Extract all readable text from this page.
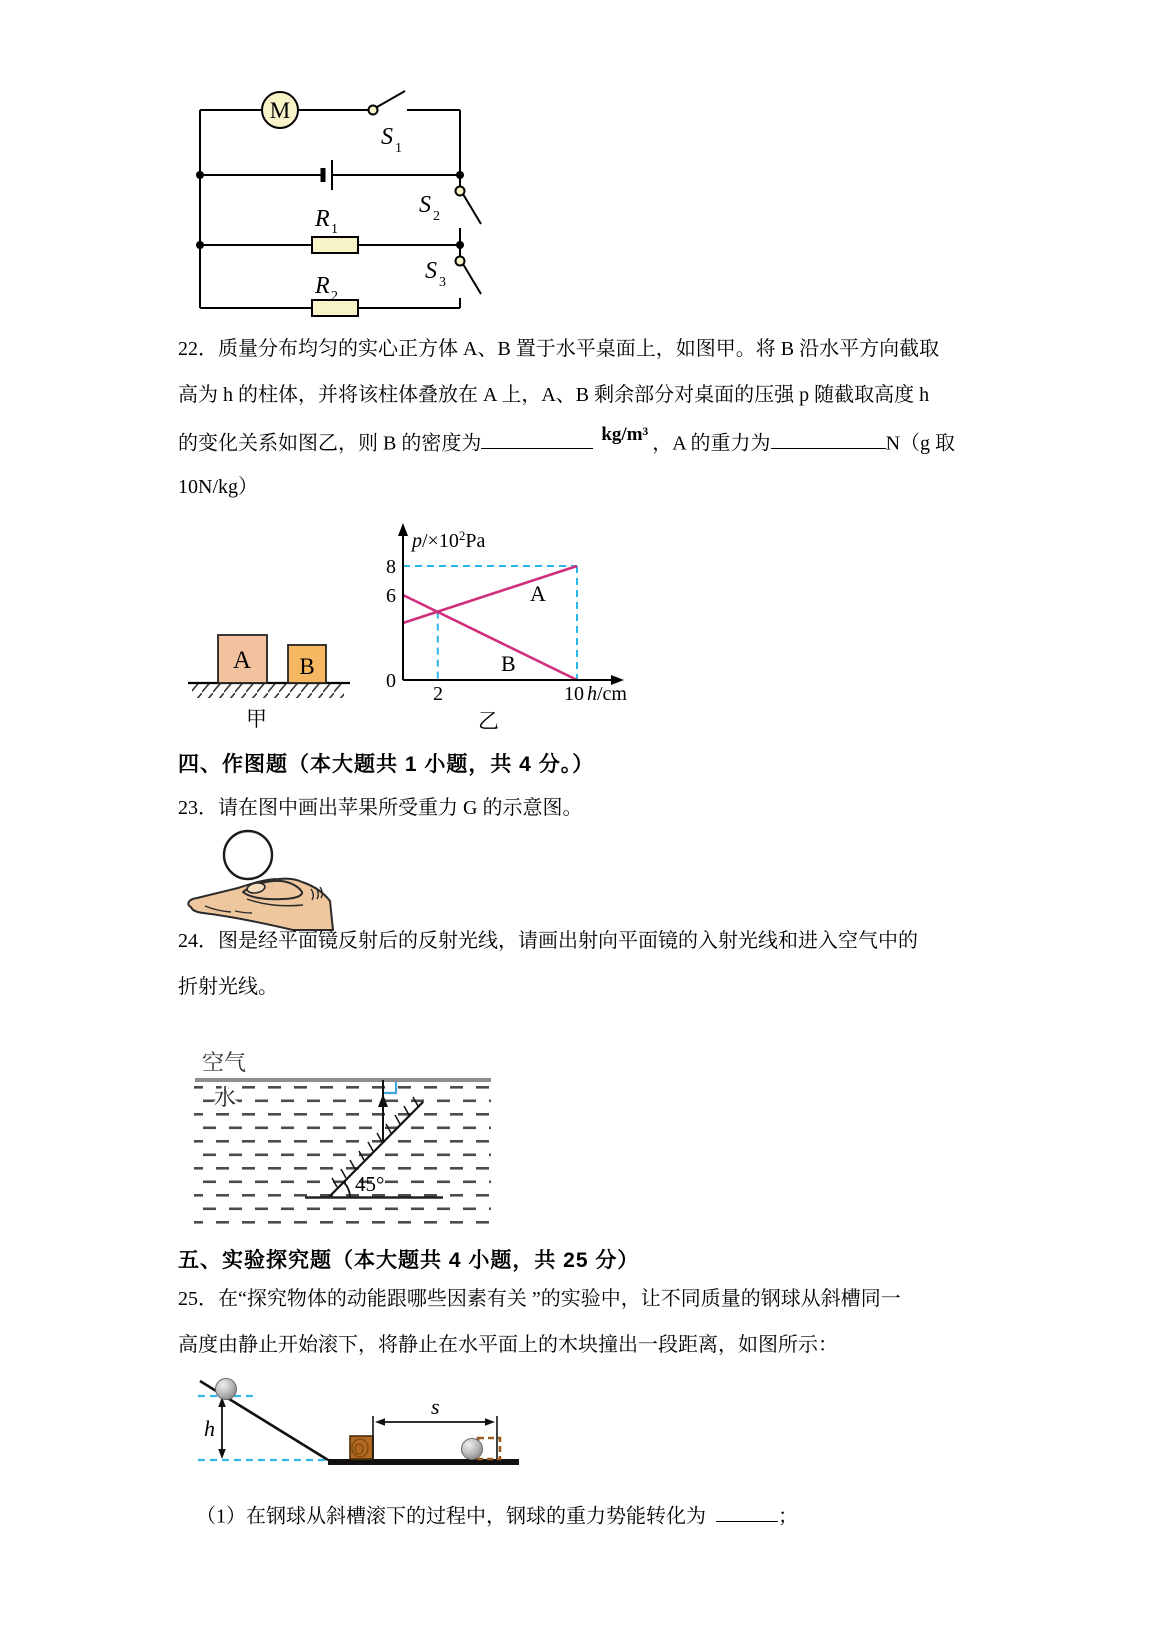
M
S 1
S 2
S 3
R 1
R 2
22．质量分布均匀的实心正方体 A、B 置于水平桌面上，如图甲。将 B 沿水平方向截取
高为 h 的柱体，并将该柱体叠放在 A 上，A、B 剩余部分对桌面的压强 p 随截取高度 h
的变化关系如图乙，则 B 的密度为	kg/m³ ，A 的重力为	N（g 取
10N/kg）
A B
$p/\times 10^2Pa$
h/cm
8
6
0
2	10
A
B
甲	乙
四、作图题（本大题共 1 小题，共 4 分。）
23．请在图中画出苹果所受重力 G 的示意图。
24．图是经平面镜反射后的反射光线，请画出射向平面镜的入射光线和进入空气中的
折射光线。
空气
水
45°
五、实验探究题（本大题共 4 小题，共 25 分）
25．在“探究物体的动能跟哪些因素有关 ”的实验中，让不同质量的钢球从斜槽同一
高度由静止开始滚下，将静止在水平面上的木块撞出一段距离，如图所示：
h
s
（1）在钢球从斜槽滚下的过程中，钢球的重力势能转化为	；
